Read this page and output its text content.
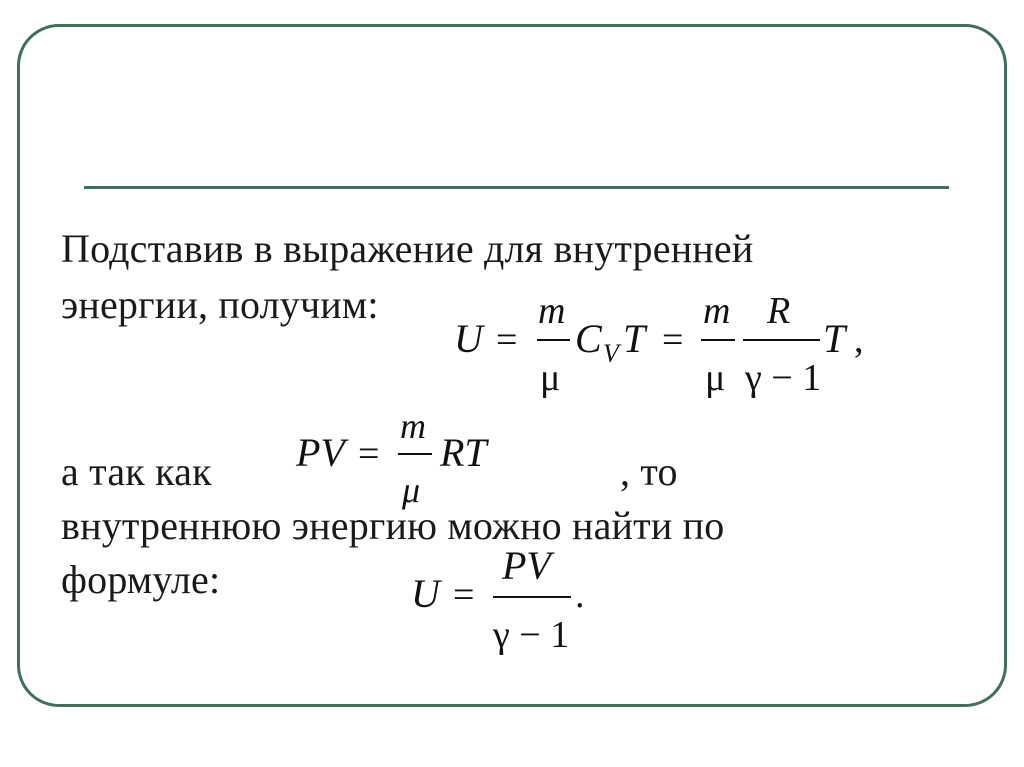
Подставив в выражение для внутренней
энергии, получим:
U =
m
μ
C V T =
m
μ
R
γ − 1
T ,
а так как PV =
m
μ
RT	, то
внутреннюю энергию можно найти по
формуле:	U =
PV
γ − 1
.
